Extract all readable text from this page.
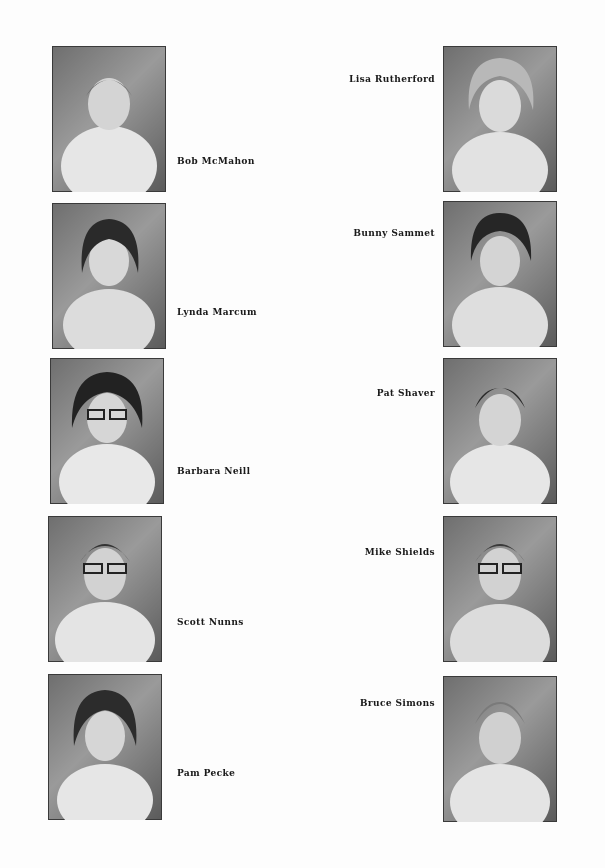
Bob McMahon
Lynda Marcum
Barbara Neill
Scott Nunns
Pam Pecke
Lisa Rutherford
Bunny Sammet
Pat Shaver
Mike Shields
Bruce Simons
